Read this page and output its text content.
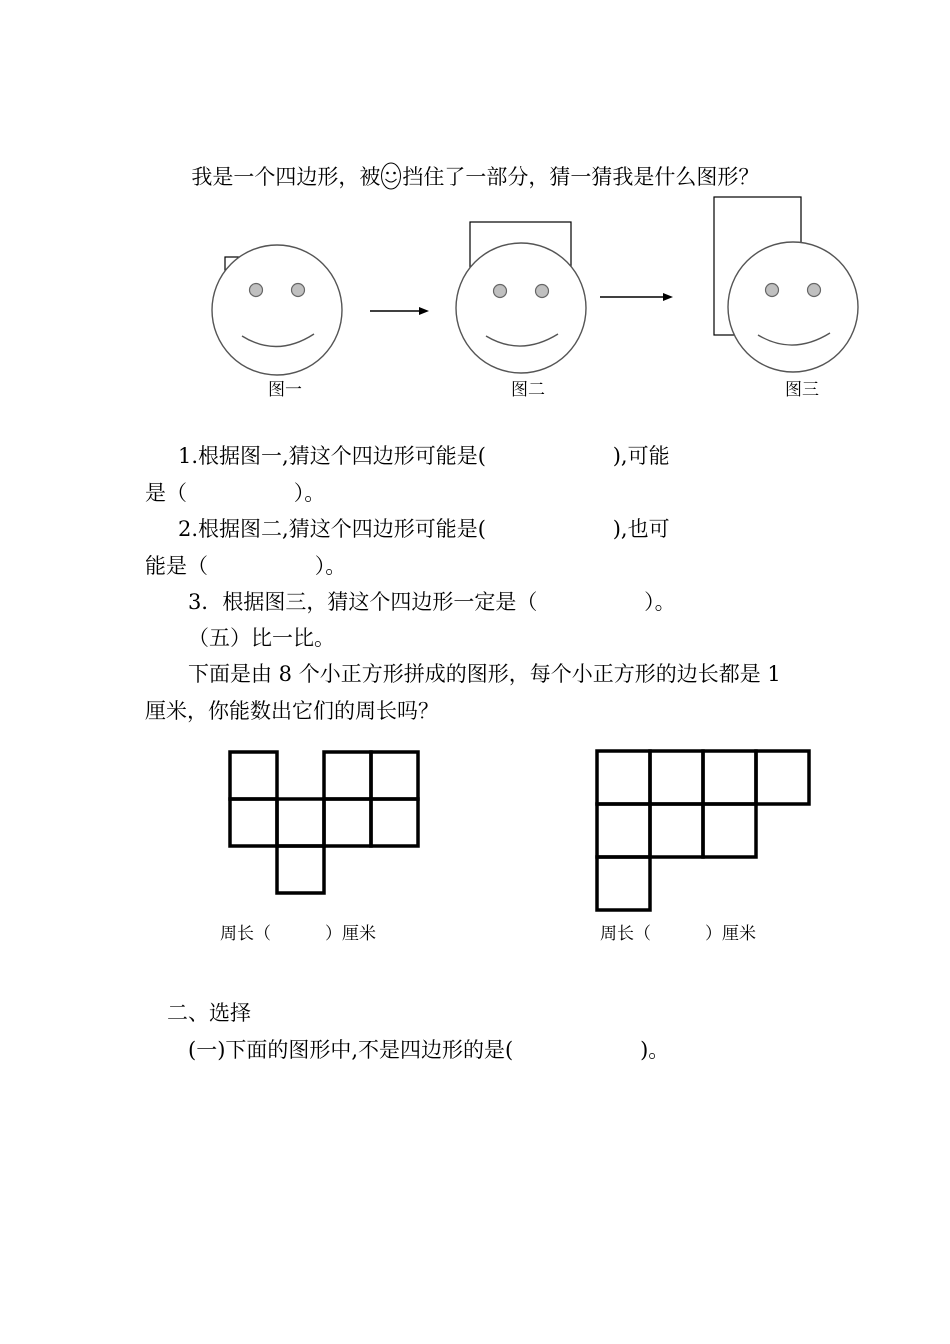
我是一个四边形，被 挡住了一部分，猜一猜我是什么图形？

图一	图二	图三
1.根据图一,猜这个四边形可能是(                   ),可能
是（                ）。
2.根据图二,猜这个四边形可能是(                   ),也可
能是（                ）。
3．根据图三，猜这个四边形一定是（                ）。
（五）比一比。
下面是由 8 个小正方形拼成的图形，每个小正方形的边长都是 1
厘米，你能数出它们的周长吗？
周长（          ）厘米	周长（          ）厘米
二、选择
(一)下面的图形中,不是四边形的是(                   )。
